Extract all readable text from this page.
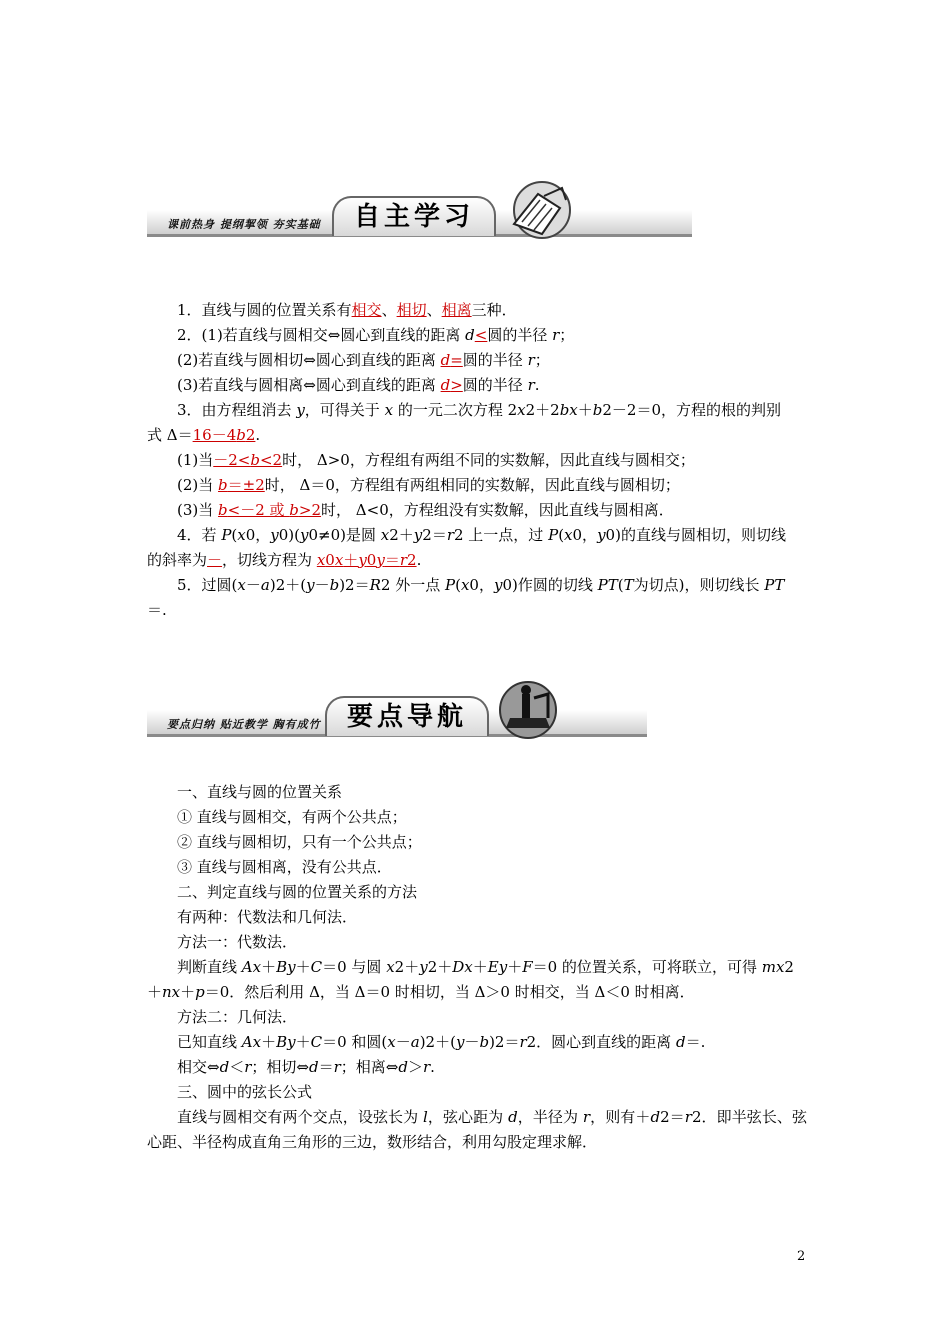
课前热身 提纲挈领 夯实基础	自主学习

1．直线与圆的位置关系有相交、相切、相离三种．

2．(1)若直线与圆相交⇔圆心到直线的距离 d<圆的半径 r；

(2)若直线与圆相切⇔圆心到直线的距离 d=圆的半径 r；

(3)若直线与圆相离⇔圆心到直线的距离 d>圆的半径 r.

3．由方程组消去 y，可得关于 x 的一元二次方程 2x2＋2bx＋b2－2＝0，方程的根的判别

式 Δ＝16－4b2.

(1)当－2<b<2时， Δ>0，方程组有两组不同的实数解，因此直线与圆相交；

(2)当 b＝±2时， Δ＝0，方程组有两组相同的实数解，因此直线与圆相切；

(3)当 b<－2 或 b>2时， Δ<0，方程组没有实数解，因此直线与圆相离．

4．若 P(x0，y0)(y0≠0)是圆 x2＋y2＝r2 上一点，过 P(x0，y0)的直线与圆相切，则切线

的斜率为－，切线方程为 x0x＋y0y＝r2.

5．过圆(x－a)2＋(y－b)2＝R2 外一点 P(x0，y0)作圆的切线 PT(T为切点)，则切线长 PT

＝.

要点归纳 贴近教学 胸有成竹	要点导航

一、直线与圆的位置关系

① 直线与圆相交，有两个公共点；

② 直线与圆相切，只有一个公共点；

③ 直线与圆相离，没有公共点．

二、判定直线与圆的位置关系的方法

有两种：代数法和几何法．

方法一：代数法．

判断直线 Ax＋By＋C＝0 与圆 x2＋y2＋Dx＋Ey＋F＝0 的位置关系，可将联立，可得 mx2

＋nx＋p＝0．然后利用 Δ，当 Δ＝0 时相切，当 Δ＞0 时相交，当 Δ＜0 时相离．

方法二：几何法．

已知直线 Ax＋By＋C＝0 和圆(x－a)2＋(y－b)2＝r2．圆心到直线的距离 d＝.

相交⇔d＜r；相切⇔d＝r；相离⇔d＞r.

三、圆中的弦长公式

直线与圆相交有两个交点，设弦长为 l，弦心距为 d，半径为 r，则有＋d2＝r2．即半弦长、弦心距、半径构成直角三角形的三边，数形结合，利用勾股定理求解．

2
